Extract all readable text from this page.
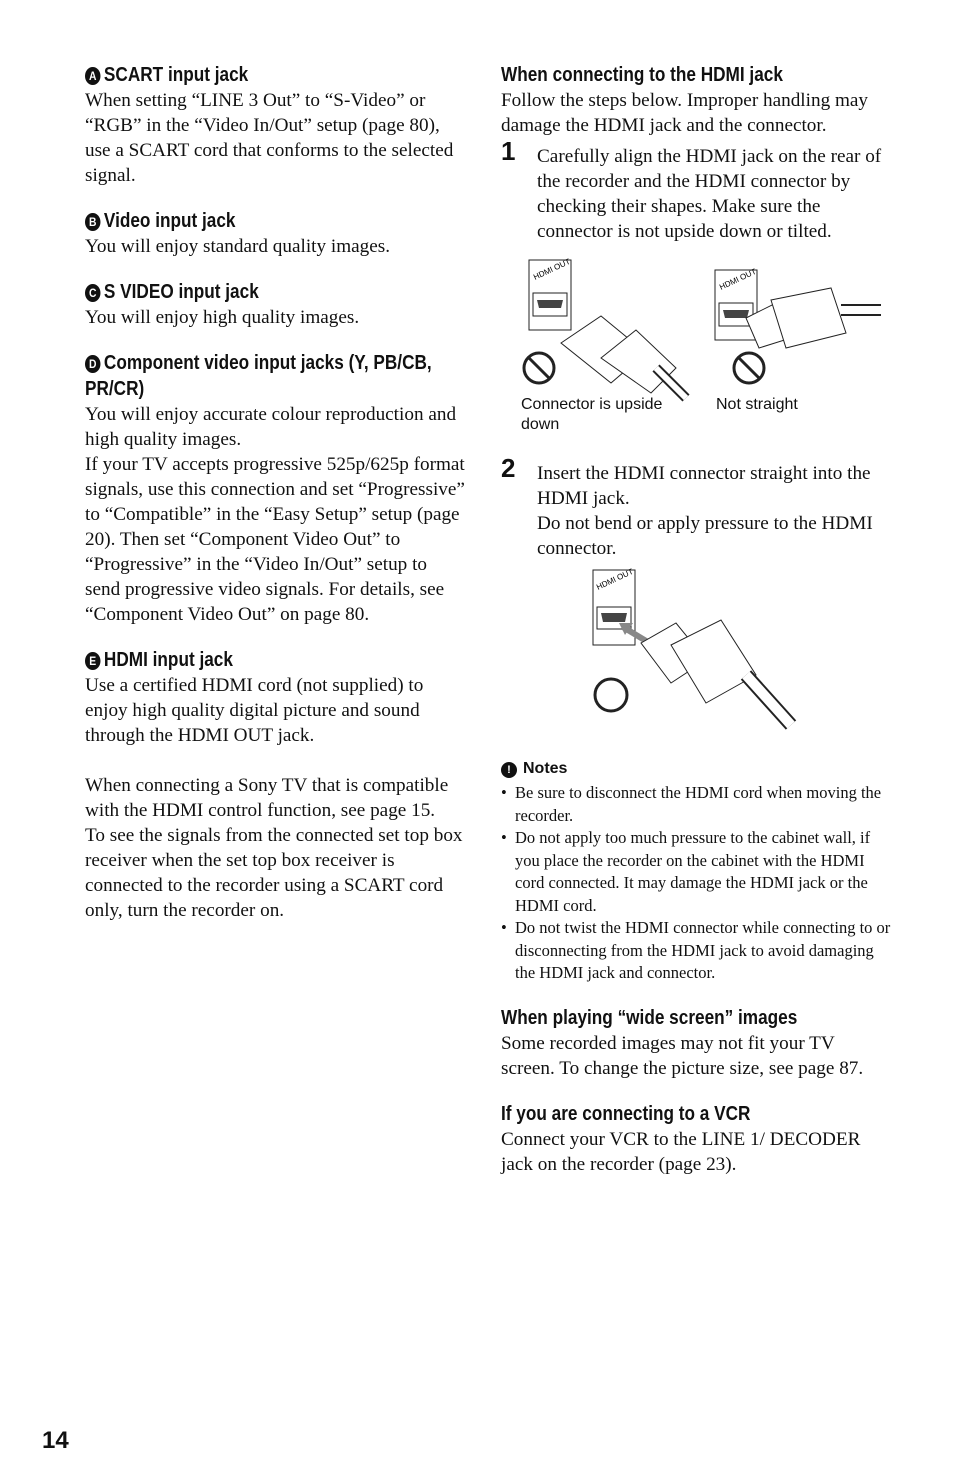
A SCART input jack
When setting “LINE 3 Out” to “S-Video” or “RGB” in the “Video In/Out” setup (page 80), use a SCART cord that conforms to the selected signal.
B Video input jack
You will enjoy standard quality images.
C S VIDEO input jack
You will enjoy high quality images.
D Component video input jacks (Y, PB/CB, PR/CR)
You will enjoy accurate colour reproduction and high quality images.
If your TV accepts progressive 525p/625p format signals, use this connection and set “Progressive” to “Compatible” in the “Easy Setup” setup (page 20). Then set “Component Video Out” to “Progressive” in the “Video In/Out” setup to send progressive video signals. For details, see “Component Video Out” on page 80.
E HDMI input jack
Use a certified HDMI cord (not supplied) to enjoy high quality digital picture and sound through the HDMI OUT jack.
When connecting a Sony TV that is compatible with the HDMI control function, see page 15.
To see the signals from the connected set top box receiver when the set top box receiver is connected to the recorder using a SCART cord only, turn the recorder on.
When connecting to the HDMI jack
Follow the steps below. Improper handling may damage the HDMI jack and the connector.
1 Carefully align the HDMI jack on the rear of the recorder and the HDMI connector by checking their shapes. Make sure the connector is not upside down or tilted.
HDMI OUT	HDMI OUT
Connector is upside down
Not straight
2 Insert the HDMI connector straight into the HDMI jack.
Do not bend or apply pressure to the HDMI connector.
HDMI OUT
! Notes
• Be sure to disconnect the HDMI cord when moving the recorder.
• Do not apply too much pressure to the cabinet wall, if you place the recorder on the cabinet with the HDMI cord connected. It may damage the HDMI jack or the HDMI cord.
• Do not twist the HDMI connector while connecting to or disconnecting from the HDMI jack to avoid damaging the HDMI jack and connector.
When playing “wide screen” images
Some recorded images may not fit your TV screen. To change the picture size, see page 87.
If you are connecting to a VCR
Connect your VCR to the LINE 1/ DECODER jack on the recorder (page 23).
14
